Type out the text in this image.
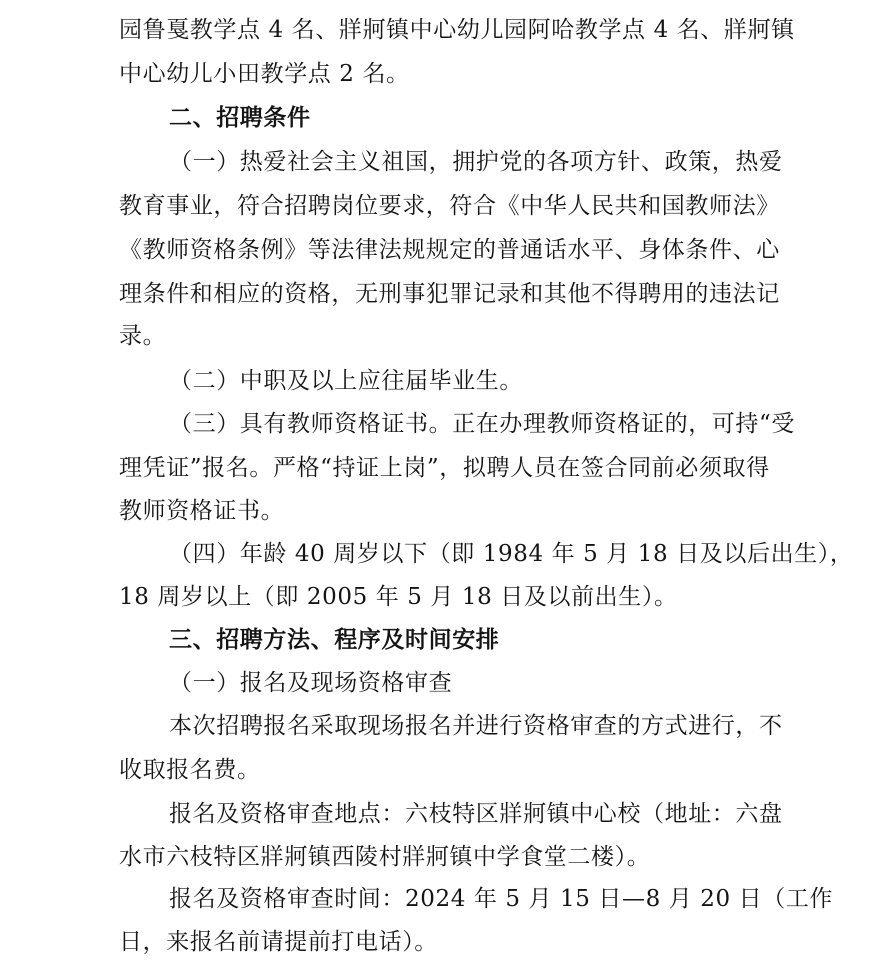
园鲁戛教学点 4 名、牂牁镇中心幼儿园阿哈教学点 4 名、牂牁镇
中心幼儿小田教学点 2 名。
二、招聘条件
（一）热爱社会主义祖国，拥护党的各项方针、政策，热爱
教育事业，符合招聘岗位要求，符合《中华人民共和国教师法》
《教师资格条例》等法律法规规定的普通话水平、身体条件、心
理条件和相应的资格，无刑事犯罪记录和其他不得聘用的违法记
录。
（二）中职及以上应往届毕业生。
（三）具有教师资格证书。正在办理教师资格证的，可持“受
理凭证”报名。严格“持证上岗”，拟聘人员在签合同前必须取得
教师资格证书。
（四）年龄 40 周岁以下（即 1984 年 5 月 18 日及以后出生），
18 周岁以上（即 2005 年 5 月 18 日及以前出生）。
三、招聘方法、程序及时间安排
（一）报名及现场资格审查
本次招聘报名采取现场报名并进行资格审查的方式进行，不
收取报名费。
报名及资格审查地点：六枝特区牂牁镇中心校（地址：六盘
水市六枝特区牂牁镇西陵村牂牁镇中学食堂二楼）。
报名及资格审查时间：2024 年 5 月 15 日—8 月 20 日（工作
日，来报名前请提前打电话）。
